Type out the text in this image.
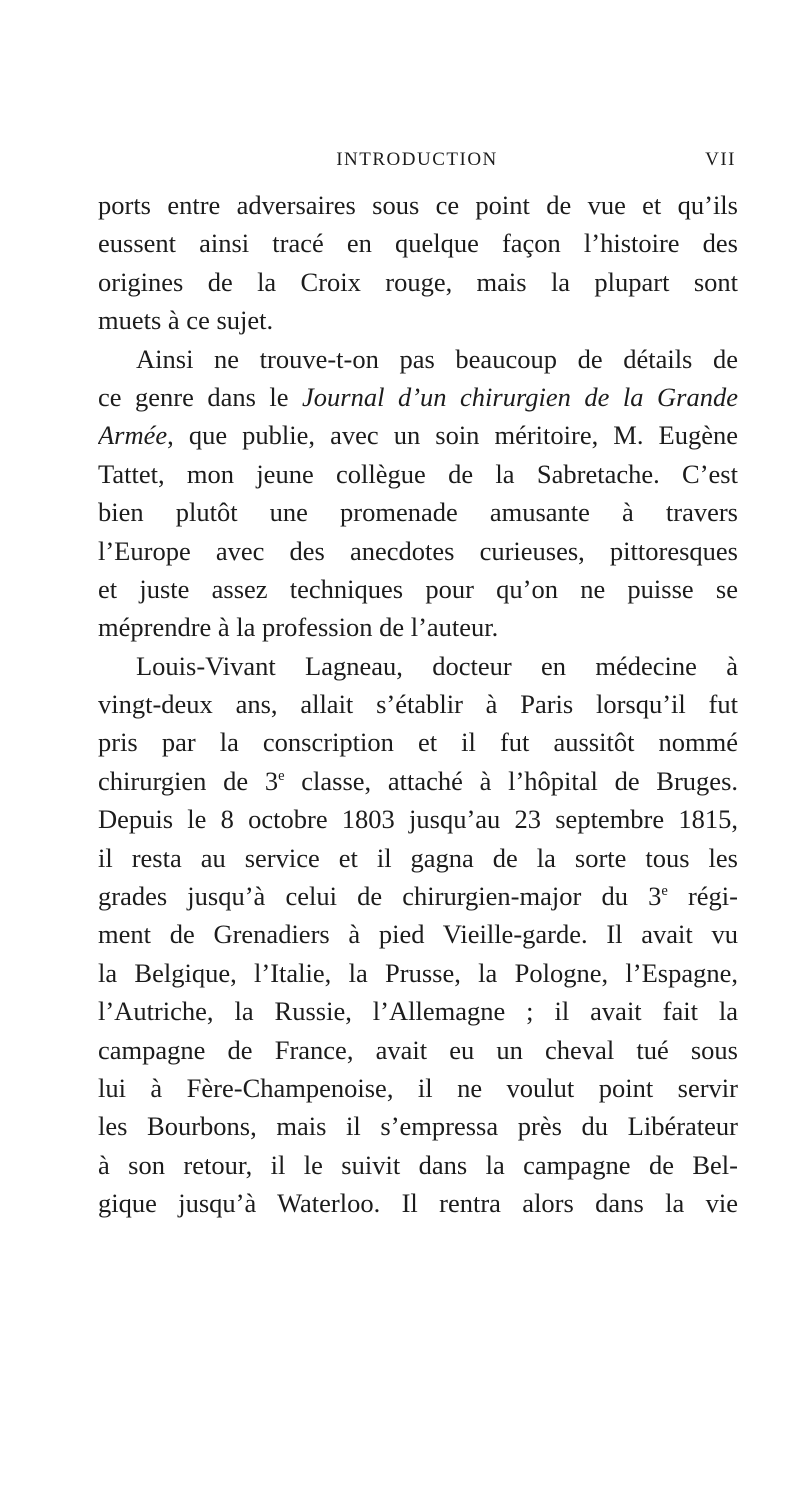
INTRODUCTION	VII
ports entre adversaires sous ce point de vue et qu’ils
eussent ainsi tracé en quelque façon l’histoire des
origines de la Croix rouge, mais la plupart sont
muets à ce sujet.
Ainsi ne trouve-t-on pas beaucoup de détails de
ce genre dans le Journal d’un chirurgien de la Grande
Armée, que publie, avec un soin méritoire, M. Eugène
Tattet, mon jeune collègue de la Sabretache. C’est
bien plutôt une promenade amusante à travers
l’Europe avec des anecdotes curieuses, pittoresques
et juste assez techniques pour qu’on ne puisse se
méprendre à la profession de l’auteur.
Louis-Vivant Lagneau, docteur en médecine à
vingt-deux ans, allait s’établir à Paris lorsqu’il fut
pris par la conscription et il fut aussitôt nommé
chirurgien de 3e classe, attaché à l’hôpital de Bruges.
Depuis le 8 octobre 1803 jusqu’au 23 septembre 1815,
il resta au service et il gagna de la sorte tous les
grades jusqu’à celui de chirurgien-major du 3e régi-
ment de Grenadiers à pied Vieille-garde. Il avait vu
la Belgique, l’Italie, la Prusse, la Pologne, l’Espagne,
l’Autriche, la Russie, l’Allemagne ; il avait fait la
campagne de France, avait eu un cheval tué sous
lui à Fère-Champenoise, il ne voulut point servir
les Bourbons, mais il s’empressa près du Libérateur
à son retour, il le suivit dans la campagne de Bel-
gique jusqu’à Waterloo. Il rentra alors dans la vie
